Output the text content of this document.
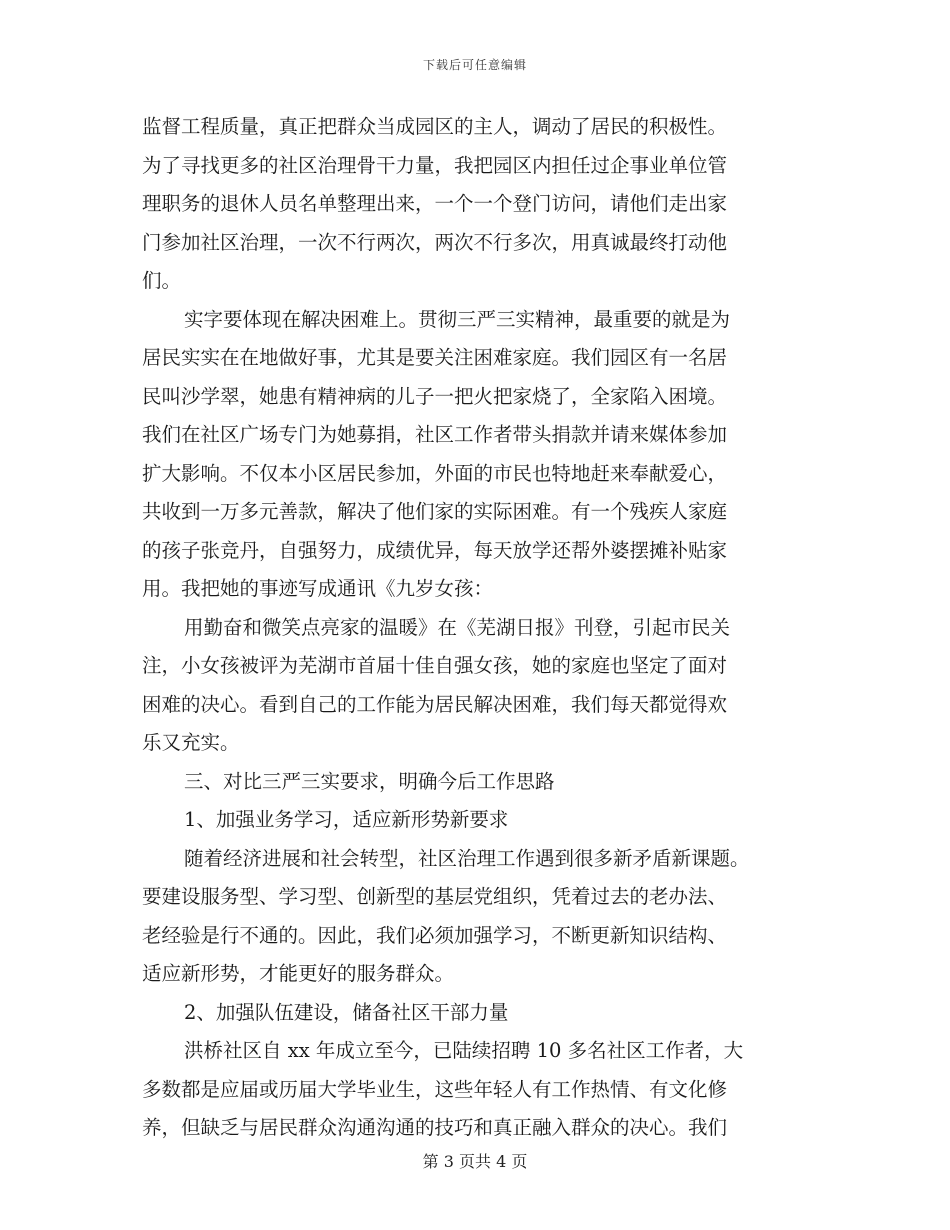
下载后可任意编辑
监督工程质量，真正把群众当成园区的主人，调动了居民的积极性。
为了寻找更多的社区治理骨干力量，我把园区内担任过企事业单位管
理职务的退休人员名单整理出来，一个一个登门访问，请他们走出家
门参加社区治理，一次不行两次，两次不行多次，用真诚最终打动他
们。
实字要体现在解决困难上。贯彻三严三实精神，最重要的就是为
居民实实在在地做好事，尤其是要关注困难家庭。我们园区有一名居
民叫沙学翠，她患有精神病的儿子一把火把家烧了，全家陷入困境。
我们在社区广场专门为她募捐，社区工作者带头捐款并请来媒体参加
扩大影响。不仅本小区居民参加，外面的市民也特地赶来奉献爱心，
共收到一万多元善款，解决了他们家的实际困难。有一个残疾人家庭
的孩子张竞丹，自强努力，成绩优异，每天放学还帮外婆摆摊补贴家
用。我把她的事迹写成通讯《九岁女孩：
用勤奋和微笑点亮家的温暖》在《芜湖日报》刊登，引起市民关
注，小女孩被评为芜湖市首届十佳自强女孩，她的家庭也坚定了面对
困难的决心。看到自己的工作能为居民解决困难，我们每天都觉得欢
乐又充实。
三、对比三严三实要求，明确今后工作思路
1、加强业务学习，适应新形势新要求
随着经济进展和社会转型，社区治理工作遇到很多新矛盾新课题。
要建设服务型、学习型、创新型的基层党组织，凭着过去的老办法、
老经验是行不通的。因此，我们必须加强学习，不断更新知识结构、
适应新形势，才能更好的服务群众。
2、加强队伍建设，储备社区干部力量
洪桥社区自 xx 年成立至今，已陆续招聘 10 多名社区工作者，大
多数都是应届或历届大学毕业生，这些年轻人有工作热情、有文化修
养，但缺乏与居民群众沟通沟通的技巧和真正融入群众的决心。我们
第 3 页共 4 页
